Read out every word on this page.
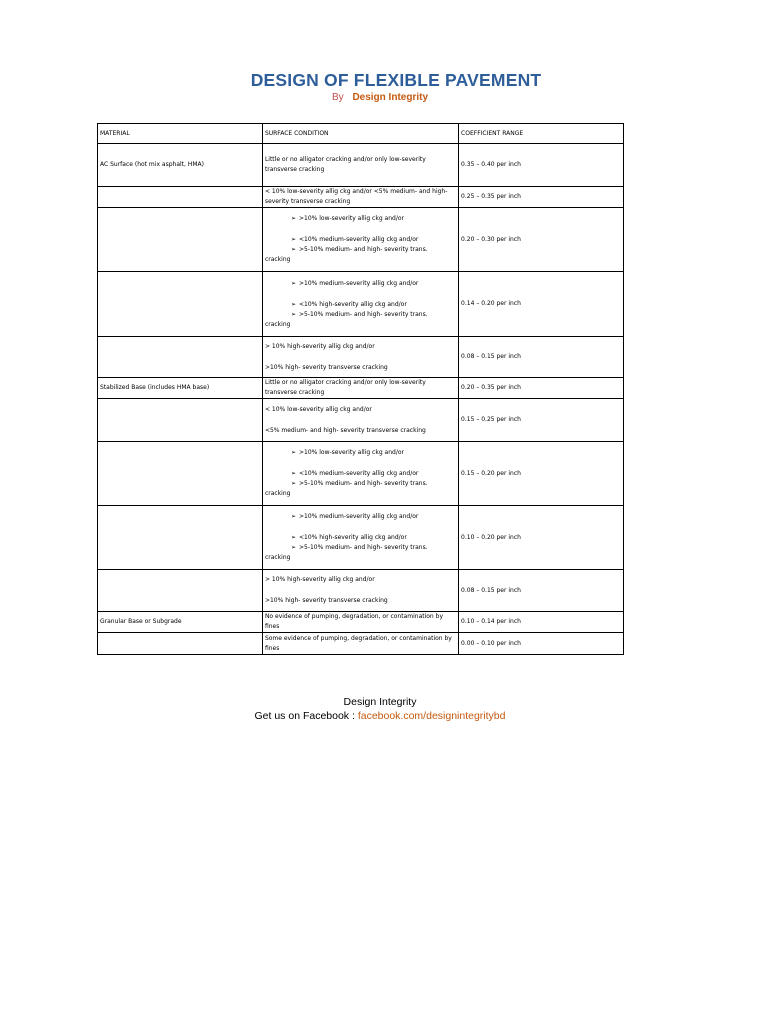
DESIGN OF FLEXIBLE PAVEMENT
By Design Integrity
MATERIAL	SURFACE CONDITION	COEFFICIENT RANGE
AC Surface (hot mix asphalt, HMA)	Little or no alligator cracking and/or only low-severity transverse cracking	0.35 – 0.40 per inch

	< 10% low-severity allig ckg and/or <5% medium- and high-severity transverse cracking	0.25 – 0.35 per inch

	➢ >10% low-severity allig ckg and/or
➢ <10% medium-severity allig ckg and/or
➢ >5-10% medium- and high- severity trans.
cracking	0.20 – 0.30 per inch

	➢ >10% medium-severity allig ckg and/or
➢ <10% high-severity allig ckg and/or
➢ >5-10% medium- and high- severity trans.
cracking	0.14 – 0.20 per inch

	> 10% high-severity allig ckg and/or
>10% high- severity transverse cracking	0.08 – 0.15 per inch
Stabilized Base (includes HMA base)	Little or no alligator cracking and/or only low-severity transverse cracking	0.20 – 0.35 per inch

	< 10% low-severity allig ckg and/or
<5% medium- and high- severity transverse cracking	0.15 – 0.25 per inch

	➢ >10% low-severity allig ckg and/or
➢ <10% medium-severity allig ckg and/or
➢ >5-10% medium- and high- severity trans.
cracking	0.15 – 0.20 per inch

	➢ >10% medium-severity allig ckg and/or
➢ <10% high-severity allig ckg and/or
➢ >5-10% medium- and high- severity trans.
cracking	0.10 – 0.20 per inch

	> 10% high-severity allig ckg and/or
>10% high- severity transverse cracking	0.08 – 0.15 per inch
Granular Base or Subgrade	No evidence of pumping, degradation, or contamination by fines	0.10 – 0.14 per inch

	Some evidence of pumping, degradation, or contamination by fines	0.00 – 0.10 per inch
Design Integrity
Get us on Facebook : facebook.com/designintegritybd
